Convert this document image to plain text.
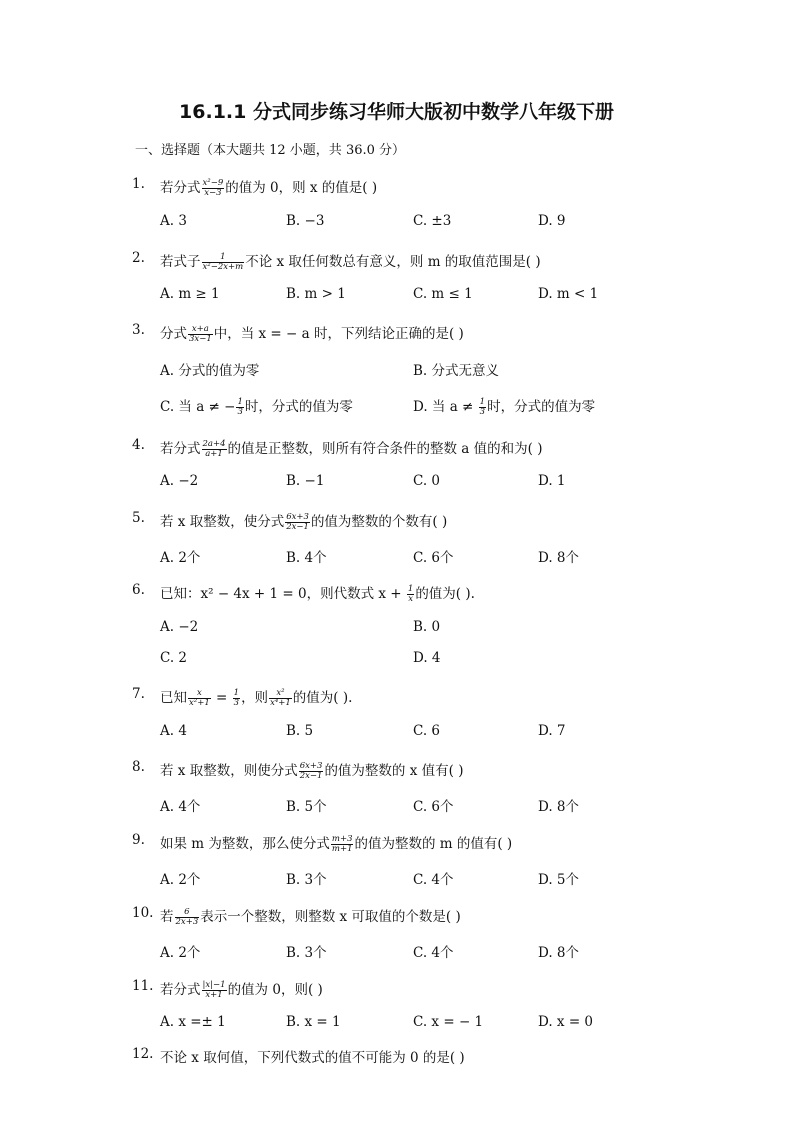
16.1.1 分式同步练习华师大版初中数学八年级下册
一、选择题（本大题共 12 小题，共 36.0 分）
1. 若分式 $\frac{\text{x²−9}}{x-3}$ 的值为 0，则 x 的值是( )
A. 3	B. −3	C. ±3	D. 9
2. 若式子 $\frac{1}{\text{x²−2x+m}}$ 不论 x 取任何数总有意义，则 m 的取值范围是( )
A. m ≥ 1	B. m > 1	C. m ≤ 1	D. m < 1
3. 分式 $\frac{x+a}{3x-1}$ 中，当 x = − a 时，下列结论正确的是( )
A. 分式的值为零	B. 分式无意义
C. 当 a ≠ − $\frac{1}{3}$ 时，分式的值为零	D. 当 $a \ne \frac{1}{3}$ 时，分式的值为零
4. 若分式 $\frac{2a+4}{a+1}$ 的值是正整数，则所有符合条件的整数 a 值的和为( )
A. −2	B. −1	C. 0	D. 1
5. 若 x 取整数，使分式 $\frac{6x+3}{2x-1}$ 的值为整数的个数有( )
A. 2个	B. 4个	C. 6个	D. 8个
6. 已知：x² − 4x + 1 = 0，则代数式 $x + \frac{1}{x}$ 的值为( ).
A. −2	B. 0
C. 2	D. 4
7. 已知 $\frac{x}{\text{x²+1}} = \frac{1}{3}$ ，则 $\frac{\text{x²}}{\text{x⁴+1}}$ 的值为( ).
A. 4	B. 5	C. 6	D. 7
8. 若 x 取整数，则使分式 $\frac{6x+3}{2x-1}$ 的值为整数的 x 值有( )
A. 4个	B. 5个	C. 6个	D. 8个
9. 如果 m 为整数，那么使分式 $\frac{m+3}{m+1}$ 的值为整数的 m 的值有( )
A. 2个	B. 3个	C. 4个	D. 5个
10. 若 $\frac{6}{2x+3}$ 表示一个整数，则整数 x 可取值的个数是( )
A. 2个	B. 3个	C. 4个	D. 8个
11. 若分式 $\frac{|x|-1}{x+1}$ 的值为 0，则( )
A. x =± 1	B. x = 1	C. x = − 1	D. x = 0
12. 不论 x 取何值，下列代数式的值不可能为 0 的是( )
